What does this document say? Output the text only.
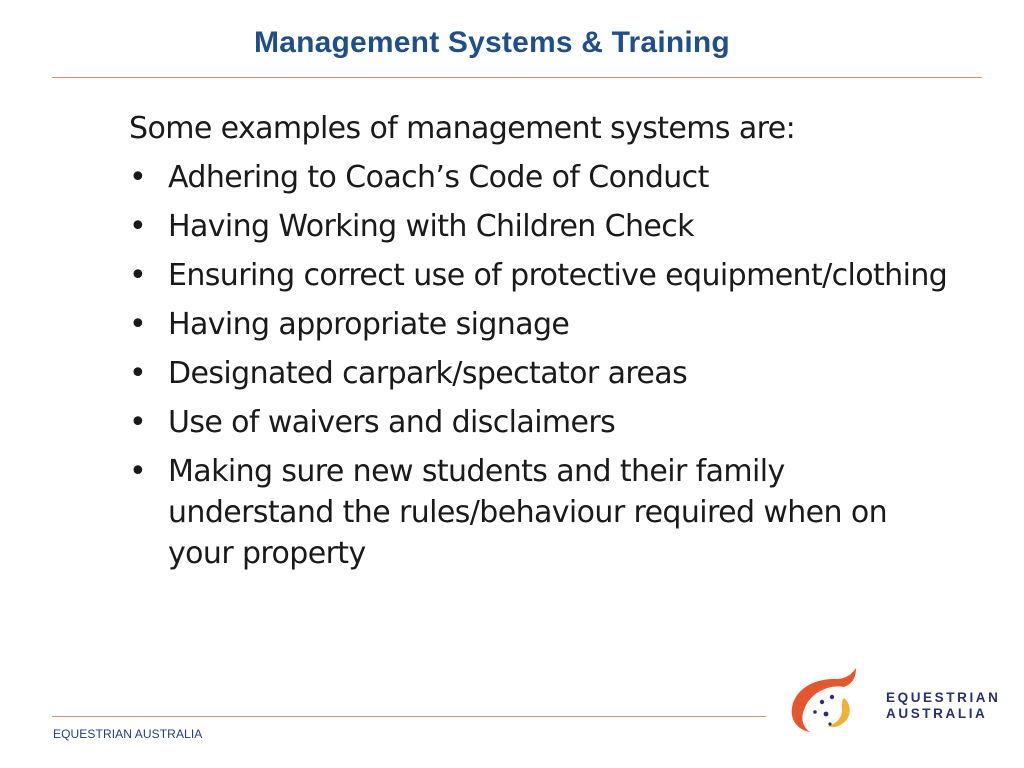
Management Systems & Training

Some examples of management systems are:

• Adhering to Coach’s Code of Conduct
• Having Working with Children Check
• Ensuring correct use of protective equipment/clothing
• Having appropriate signage
• Designated carpark/spectator areas
• Use of waivers and disclaimers
• Making sure new students and their family understand the rules/behaviour required when on your property
EQUESTRIAN AUSTRALIA
EQUESTRIAN
AUSTRALIA
